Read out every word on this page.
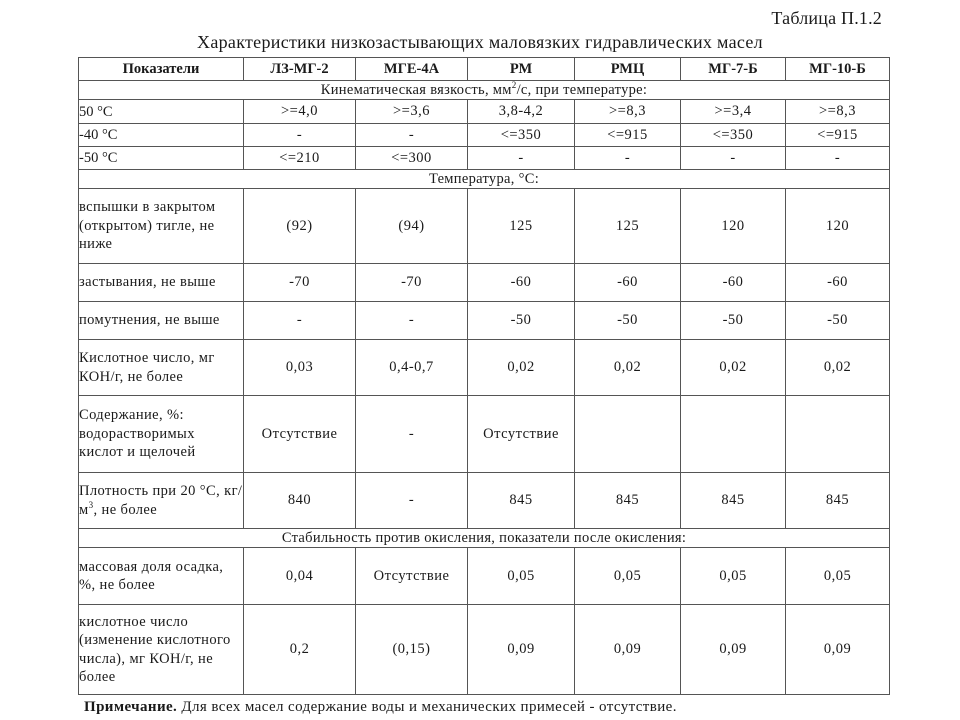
Таблица П.1.2
Характеристики низкозастывающих маловязких гидравлических масел
Показатели	ЛЗ-МГ-2	МГЕ-4А	РМ	РМЦ	МГ-7-Б	МГ-10-Б
Кинематическая вязкость, $мм^2/с$, при температуре:						
50 °С	>=4,0	>=3,6	3,8-4,2	>=8,3	>=3,4	>=8,3
-40 °С	-	-	<=350	<=915	<=350	<=915
-50 °С	<=210	<=300	-	-	-	-
Температура, °С:						
вспышки в закрытом (открытом) тигле, не ниже	(92)	(94)	125	125	120	120
застывания, не выше	-70	-70	-60	-60	-60	-60
помутнения, не выше	-	-	-50	-50	-50	-50
Кислотное число, мг КОН/г, не более	0,03	0,4-0,7	0,02	0,02	0,02	0,02
Содержание, %: водорастворимых кислот и щелочей	Отсутствие	-	Отсутствие			
Плотность при 20 °С, $кг/м^3$, не более	840	-	845	845	845	845
Стабильность против окисления, показатели после окисления:						
массовая доля осадка, %, не более	0,04	Отсутствие	0,05	0,05	0,05	0,05
кислотное число (изменение кислотного числа), мг КОН/г, не более	0,2	(0,15)	0,09	0,09	0,09	0,09
Примечание. Для всех масел содержание воды и механических примесей - отсутствие.
